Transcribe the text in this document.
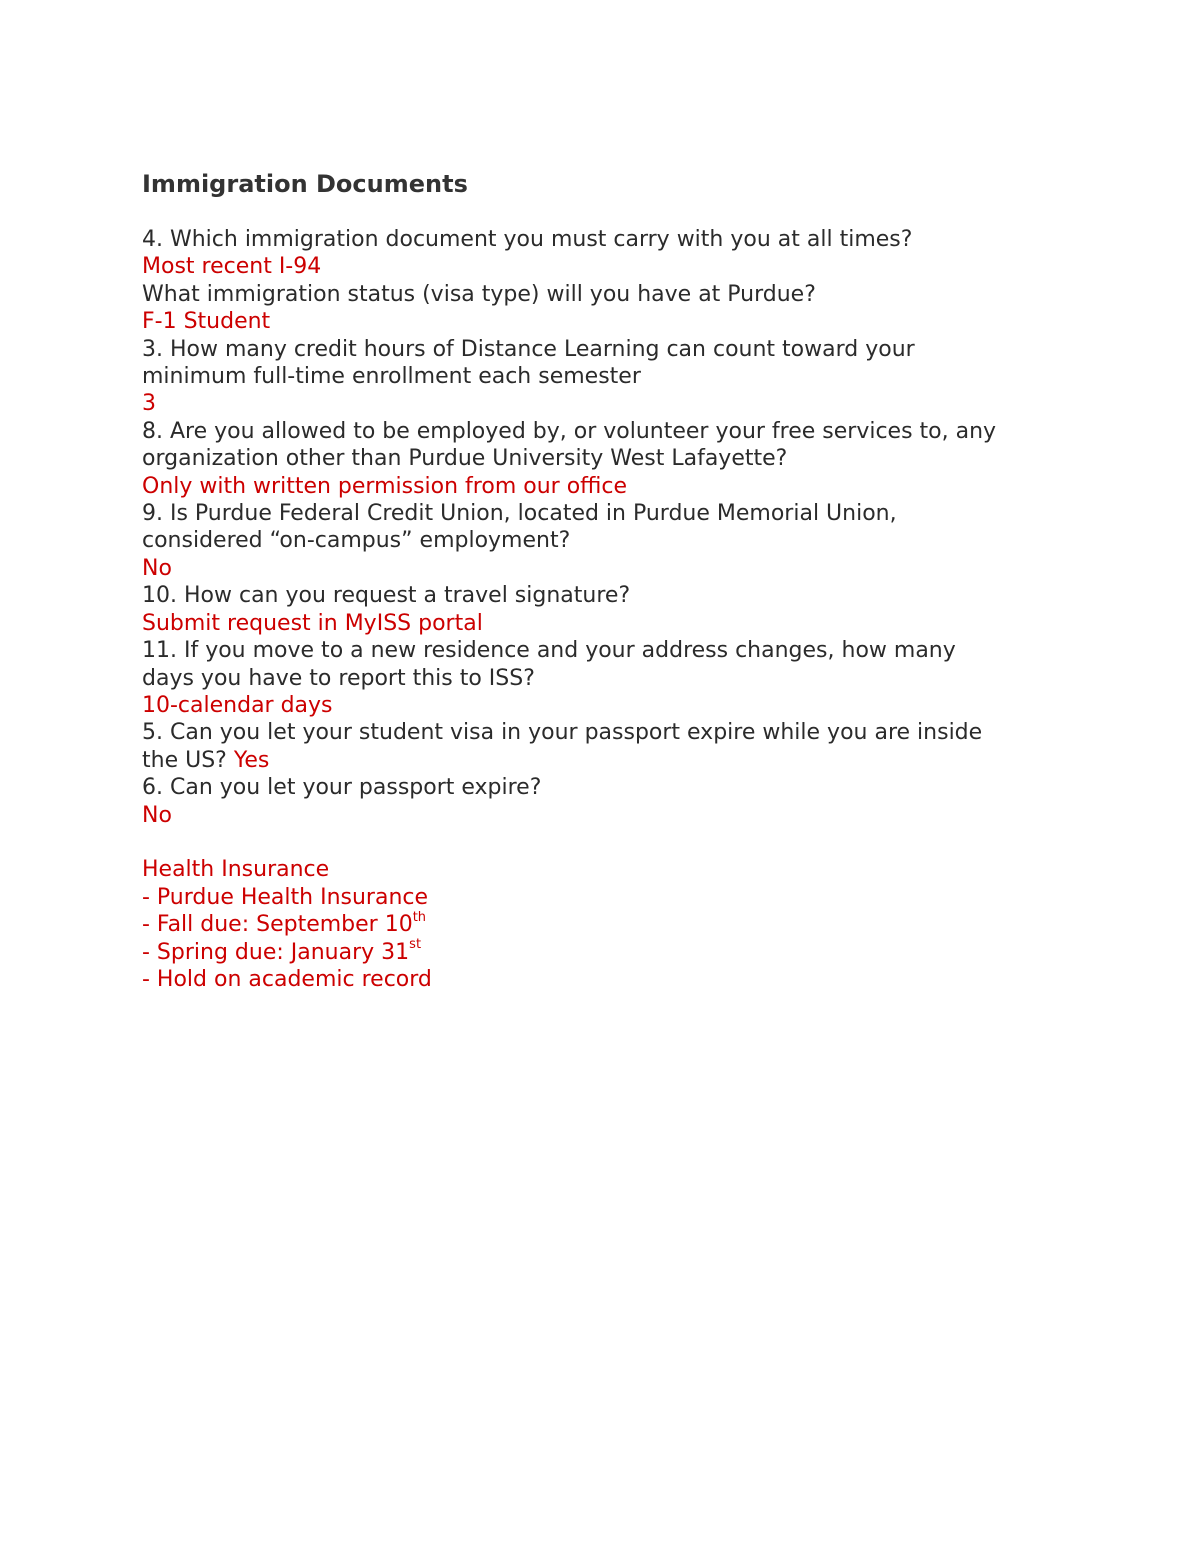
Immigration Documents

4. Which immigration document you must carry with you at all times?

Most recent I-94

What immigration status (visa type) will you have at Purdue?

F-1 Student

3. How many credit hours of Distance Learning can count toward your

minimum full-time enrollment each semester

3

8. Are you allowed to be employed by, or volunteer your free services to, any

organization other than Purdue University West Lafayette?

Only with written permission from our office

9. Is Purdue Federal Credit Union, located in Purdue Memorial Union,

considered “on-campus” employment?

No

10. How can you request a travel signature?

Submit request in MyISS portal

11. If you move to a new residence and your address changes, how many

days you have to report this to ISS?

10-calendar days

5. Can you let your student visa in your passport expire while you are inside

the US? Yes

6. Can you let your passport expire?

No

Health Insurance

- Purdue Health Insurance

- Fall due: September 10th

- Spring due: January 31st

- Hold on academic record
